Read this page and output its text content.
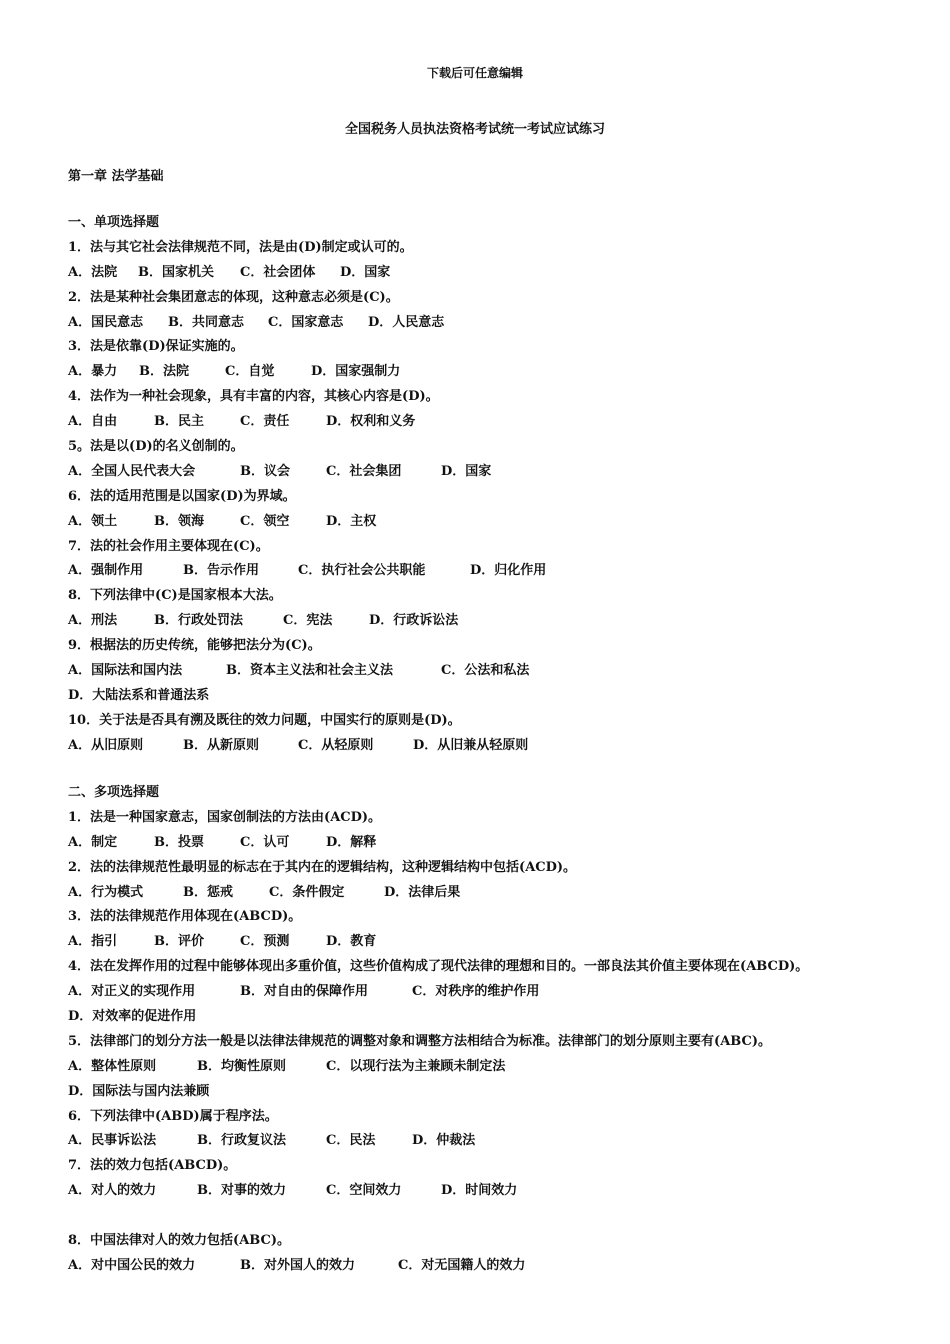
下载后可任意编辑
全国税务人员执法资格考试统一考试应试练习
第一章 法学基础
一、单项选择题
1．法与其它社会法律规范不同，法是由(D)制定或认可的。
A．法院 B．国家机关 C．社会团体 D．国家
2．法是某种社会集团意志的体现，这种意志必须是(C)。
A．国民意志 B．共同意志 C．国家意志 D．人民意志
3．法是依靠(D)保证实施的。
A．暴力 B．法院	C．自觉	D．国家强制力
4．法作为一种社会现象，具有丰富的内容，其核心内容是(D)。
A．自由	B．民主	C．责任	D．权利和义务
5。法是以(D)的名义创制的。
A．全国人民代表大会	B．议会	C．社会集团	D．国家
6．法的适用范围是以国家(D)为界域。
A．领土	B．领海	C．领空	D．主权
7．法的社会作用主要体现在(C)。
A．强制作用	B．告示作用	C．执行社会公共职能	D．归化作用
8．下列法律中(C)是国家根本大法。
A．刑法	B．行政处罚法	C．宪法	D．行政诉讼法
9．根据法的历史传统，能够把法分为(C)。
A．国际法和国内法	B．资本主义法和社会主义法	C．公法和私法
D．大陆法系和普通法系
10．关于法是否具有溯及既往的效力问题，中国实行的原则是(D)。
A．从旧原则	B．从新原则	C．从轻原则	D．从旧兼从轻原则
二、多项选择题
1．法是一种国家意志，国家创制法的方法由(ACD)。
A．制定	B．投票	C．认可	D．解释
2．法的法律规范性最明显的标志在于其内在的逻辑结构，这种逻辑结构中包括(ACD)。
A．行为模式	B．惩戒	C．条件假定	D．法律后果
3．法的法律规范作用体现在(ABCD)。
A．指引	B．评价	C．预测	D．教育
4．法在发挥作用的过程中能够体现出多重价值，这些价值构成了现代法律的理想和目的。一部良法其价值主要体现在(ABCD)。
A．对正义的实现作用	B．对自由的保障作用	C．对秩序的维护作用
D．对效率的促进作用
5．法律部门的划分方法一般是以法律法律规范的调整对象和调整方法相结合为标准。法律部门的划分原则主要有(ABC)。
A．整体性原则	B．均衡性原则	C．以现行法为主兼顾未制定法
D．国际法与国内法兼顾
6．下列法律中(ABD)属于程序法。
A．民事诉讼法	B．行政复议法	C．民法	D．仲裁法
7．法的效力包括(ABCD)。
A．对人的效力	B．对事的效力	C．空间效力	D．时间效力
8．中国法律对人的效力包括(ABC)。
A．对中国公民的效力	B．对外国人的效力	C．对无国籍人的效力
